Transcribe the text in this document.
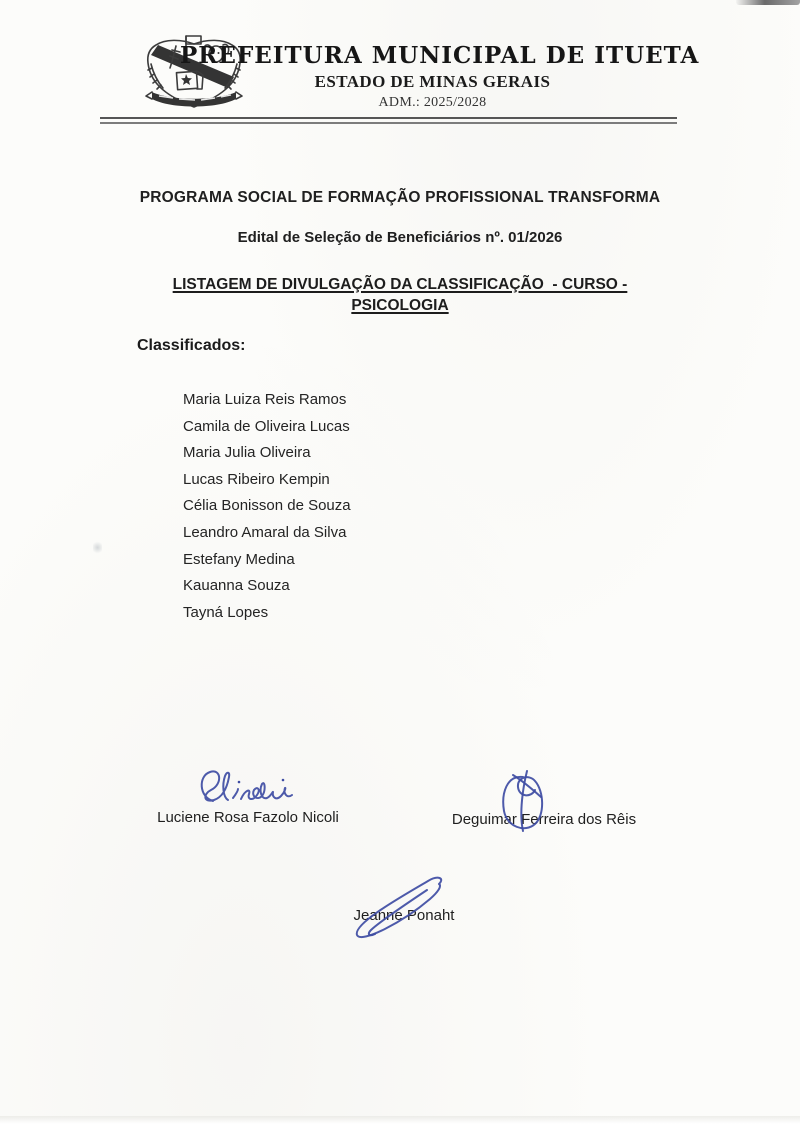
PREFEITURA MUNICIPAL DE ITUETA
ESTADO DE MINAS GERAIS
ADM.: 2025/2028
PROGRAMA SOCIAL DE FORMAÇÃO PROFISSIONAL TRANSFORMA
Edital de Seleção de Beneficiários nº. 01/2026
LISTAGEM DE DIVULGAÇÃO DA CLASSIFICAÇÃO  - CURSO -
PSICOLOGIA
Classificados:
Maria Luiza Reis Ramos
Camila de Oliveira Lucas
Maria Julia Oliveira
Lucas Ribeiro Kempin
Célia Bonisson de Souza
Leandro Amaral da Silva
Estefany Medina
Kauanna Souza
Tayná Lopes
Luciene Rosa Fazolo Nicoli	Deguimar Ferreira dos Rêis
Jeanne Ponaht
